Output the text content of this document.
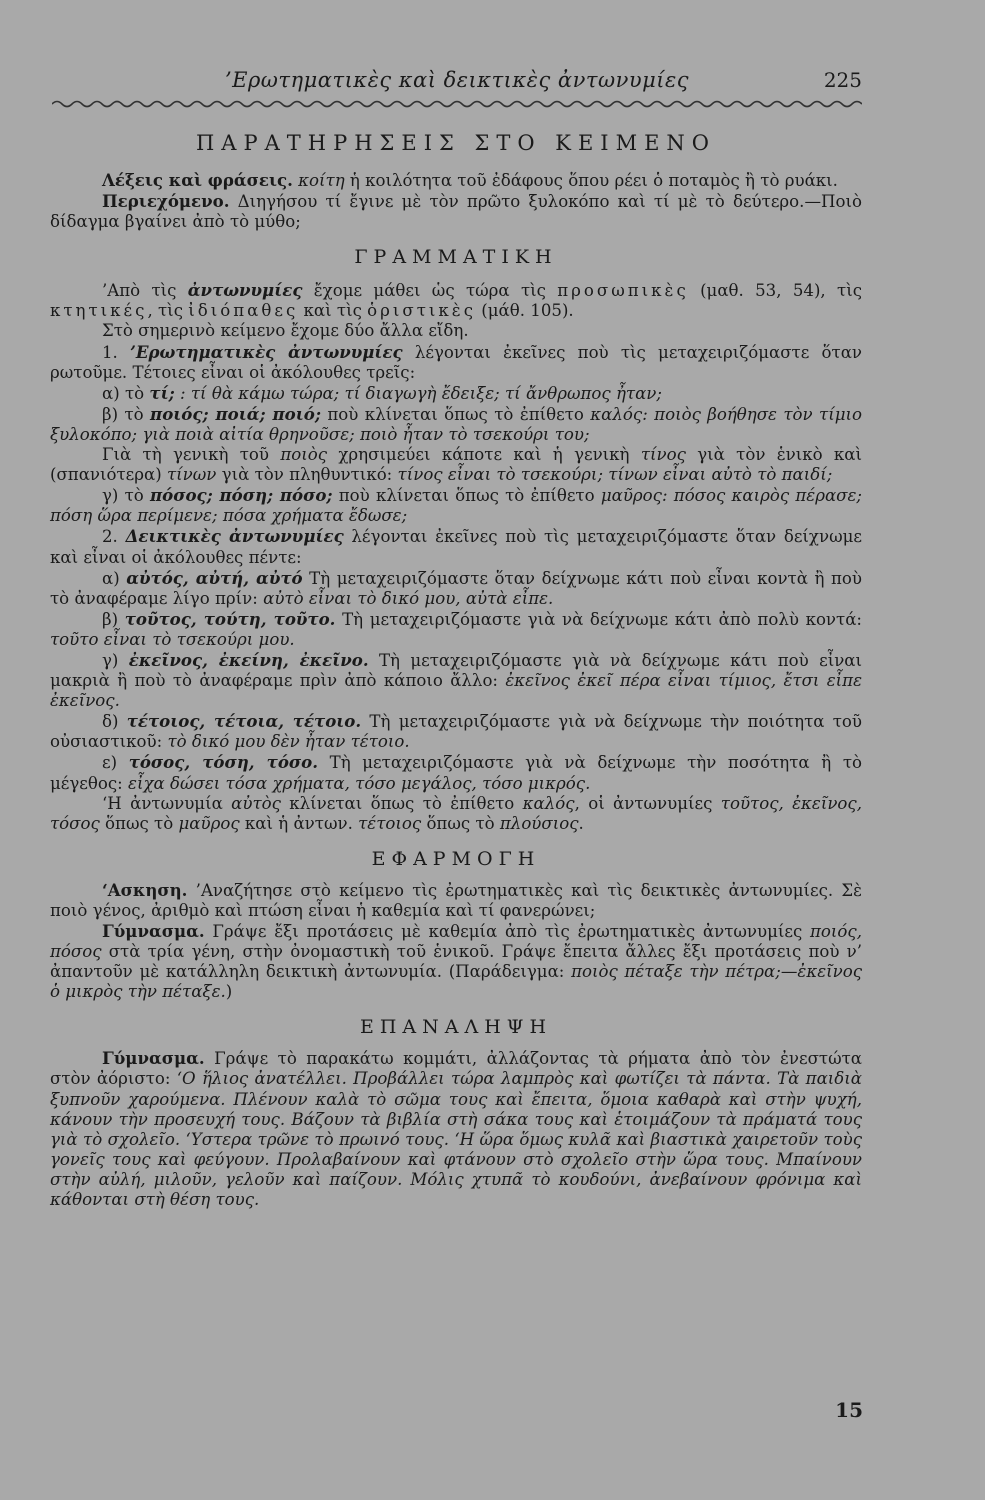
’Ερωτηματικὲς καὶ δεικτικὲς ἀντωνυμίες	225
ΠΑΡΑΤΗΡΗΣΕΙΣ ΣΤΟ ΚΕΙΜΕΝΟ

Λέξεις καὶ φράσεις. κοίτη ἡ κοιλότητα τοῦ ἐδάφους ὅπου ρέει ὁ ποταμὸς ἢ τὸ ρυάκι.

Περιεχόμενο. Διηγήσου τί ἔγινε μὲ τὸν πρῶτο ξυλοκόπο καὶ τί μὲ τὸ δεύτερο.—Ποιὸ δίδαγμα βγαίνει ἀπὸ τὸ μύθο;

ΓΡΑΜΜΑΤΙΚΗ

’Απὸ τὶς ἀντωνυμίες ἔχομε μάθει ὡς τώρα τὶς προσωπικὲς (μαθ. 53, 54), τὶς κτητικές, τὶς ἰδιόπαθες καὶ τὶς ὁριστικὲς (μάθ. 105).

Στὸ σημερινὸ κείμενο ἔχομε δύο ἄλλα εἴδη.

1. ’Ερωτηματικὲς ἀντωνυμίες λέγονται ἐκεῖνες ποὺ τὶς μεταχειριζόμαστε ὅταν ρωτοῦμε. Τέτοιες εἶναι οἱ ἀκόλουθες τρεῖς:

α) τὸ τί; : τί θὰ κάμω τώρα; τί διαγωγὴ ἔδειξε; τί ἄνθρωπος ἦταν;

β) τὸ ποιός; ποιά; ποιό; ποὺ κλίνεται ὅπως τὸ ἐπίθετο καλός: ποιὸς βοήθησε τὸν τίμιο ξυλοκόπο; γιὰ ποιὰ αἰτία θρηνοῦσε; ποιὸ ἦταν τὸ τσεκούρι του;

Γιὰ τὴ γενικὴ τοῦ ποιὸς χρησιμεύει κάποτε καὶ ἡ γενικὴ τίνος γιὰ τὸν ἑνικὸ καὶ (σπανιότερα) τίνων γιὰ τὸν πληθυντικό: τίνος εἶναι τὸ τσεκούρι; τίνων εἶναι αὐτὸ τὸ παιδί;

γ) τὸ πόσος; πόση; πόσο; ποὺ κλίνεται ὅπως τὸ ἐπίθετο μαῦρος: πόσος καιρὸς πέρασε; πόση ὥρα περίμενε; πόσα χρήματα ἔδωσε;

2. Δεικτικὲς ἀντωνυμίες λέγονται ἐκεῖνες ποὺ τὶς μεταχειριζόμαστε ὅταν δείχνωμε καὶ εἶναι οἱ ἀκόλουθες πέντε:

α) αὐτός, αὐτή, αὐτό Τὴ μεταχειριζόμαστε ὅταν δείχνωμε κάτι ποὺ εἶναι κοντὰ ἢ ποὺ τὸ ἀναφέραμε λίγο πρίν: αὐτὸ εἶναι τὸ δικό μου, αὐτὰ εἶπε.

β) τοῦτος, τούτη, τοῦτο. Τὴ μεταχειριζόμαστε γιὰ νὰ δείχνωμε κάτι ἀπὸ πολὺ κοντά: τοῦτο εἶναι τὸ τσεκούρι μου.

γ) ἐκεῖνος, ἐκείνη, ἐκεῖνο. Τὴ μεταχειριζόμαστε γιὰ νὰ δείχνωμε κάτι ποὺ εἶναι μακριὰ ἢ ποὺ τὸ ἀναφέραμε πρὶν ἀπὸ κάποιο ἄλλο: ἐκεῖνος ἐκεῖ πέρα εἶναι τίμιος, ἔτσι εἶπε ἐκεῖνος.

δ) τέτοιος, τέτοια, τέτοιο. Τὴ μεταχειριζόμαστε γιὰ νὰ δείχνωμε τὴν ποιότητα τοῦ οὐσιαστικοῦ: τὸ δικό μου δὲν ἦταν τέτοιο.

ε) τόσος, τόση, τόσο. Τὴ μεταχειριζόμαστε γιὰ νὰ δείχνωμε τὴν ποσότητα ἢ τὸ μέγεθος: εἶχα δώσει τόσα χρήματα, τόσο μεγάλος, τόσο μικρός.

‘Η ἀντωνυμία αὐτὸς κλίνεται ὅπως τὸ ἐπίθετο καλός, οἱ ἀντωνυμίες τοῦτος, ἐκεῖνος, τόσος ὅπως τὸ μαῦρος καὶ ἡ ἀντων. τέτοιος ὅπως τὸ πλούσιος.

ΕΦΑΡΜΟΓΗ

‘Ασκηση. ’Αναζήτησε στὸ κείμενο τὶς ἐρωτηματικὲς καὶ τὶς δεικτικὲς ἀντωνυμίες. Σὲ ποιὸ γένος, ἀριθμὸ καὶ πτώση εἶναι ἡ καθεμία καὶ τί φανερώνει;

Γύμνασμα. Γράψε ἔξι προτάσεις μὲ καθεμία ἀπὸ τὶς ἐρωτηματικὲς ἀντωνυμίες ποιός, πόσος στὰ τρία γένη, στὴν ὀνομαστικὴ τοῦ ἑνικοῦ. Γράψε ἔπειτα ἄλλες ἔξι προτάσεις ποὺ ν’ ἀπαντοῦν μὲ κατάλληλη δεικτικὴ ἀντωνυμία. (Παράδειγμα: ποιὸς πέταξε τὴν πέτρα;—ἐκεῖνος ὁ μικρὸς τὴν πέταξε.)

ΕΠΑΝΑΛΗΨΗ

Γύμνασμα. Γράψε τὸ παρακάτω κομμάτι, ἀλλάζοντας τὰ ρήματα ἀπὸ τὸν ἐνεστώτα στὸν ἀόριστο: ‘Ο ἥλιος ἀνατέλλει. Προβάλλει τώρα λαμπρὸς καὶ φωτίζει τὰ πάντα. Τὰ παιδιὰ ξυπνοῦν χαρούμενα. Πλένουν καλὰ τὸ σῶμα τους καὶ ἔπειτα, ὅμοια καθαρὰ καὶ στὴν ψυχή, κάνουν τὴν προσευχή τους. Βάζουν τὰ βιβλία στὴ σάκα τους καὶ ἑτοιμάζουν τὰ πράματά τους γιὰ τὸ σχολεῖο. ‘Υστερα τρῶνε τὸ πρωινό τους. ‘Η ὥρα ὅμως κυλᾶ καὶ βιαστικὰ χαιρετοῦν τοὺς γονεῖς τους καὶ φεύγουν. Προλαβαίνουν καὶ φτάνουν στὸ σχολεῖο στὴν ὥρα τους. Μπαίνουν στὴν αὐλή, μιλοῦν, γελοῦν καὶ παίζουν. Μόλις χτυπᾶ τὸ κουδούνι, ἀνεβαίνουν φρόνιμα καὶ κάθονται στὴ θέση τους.

15
